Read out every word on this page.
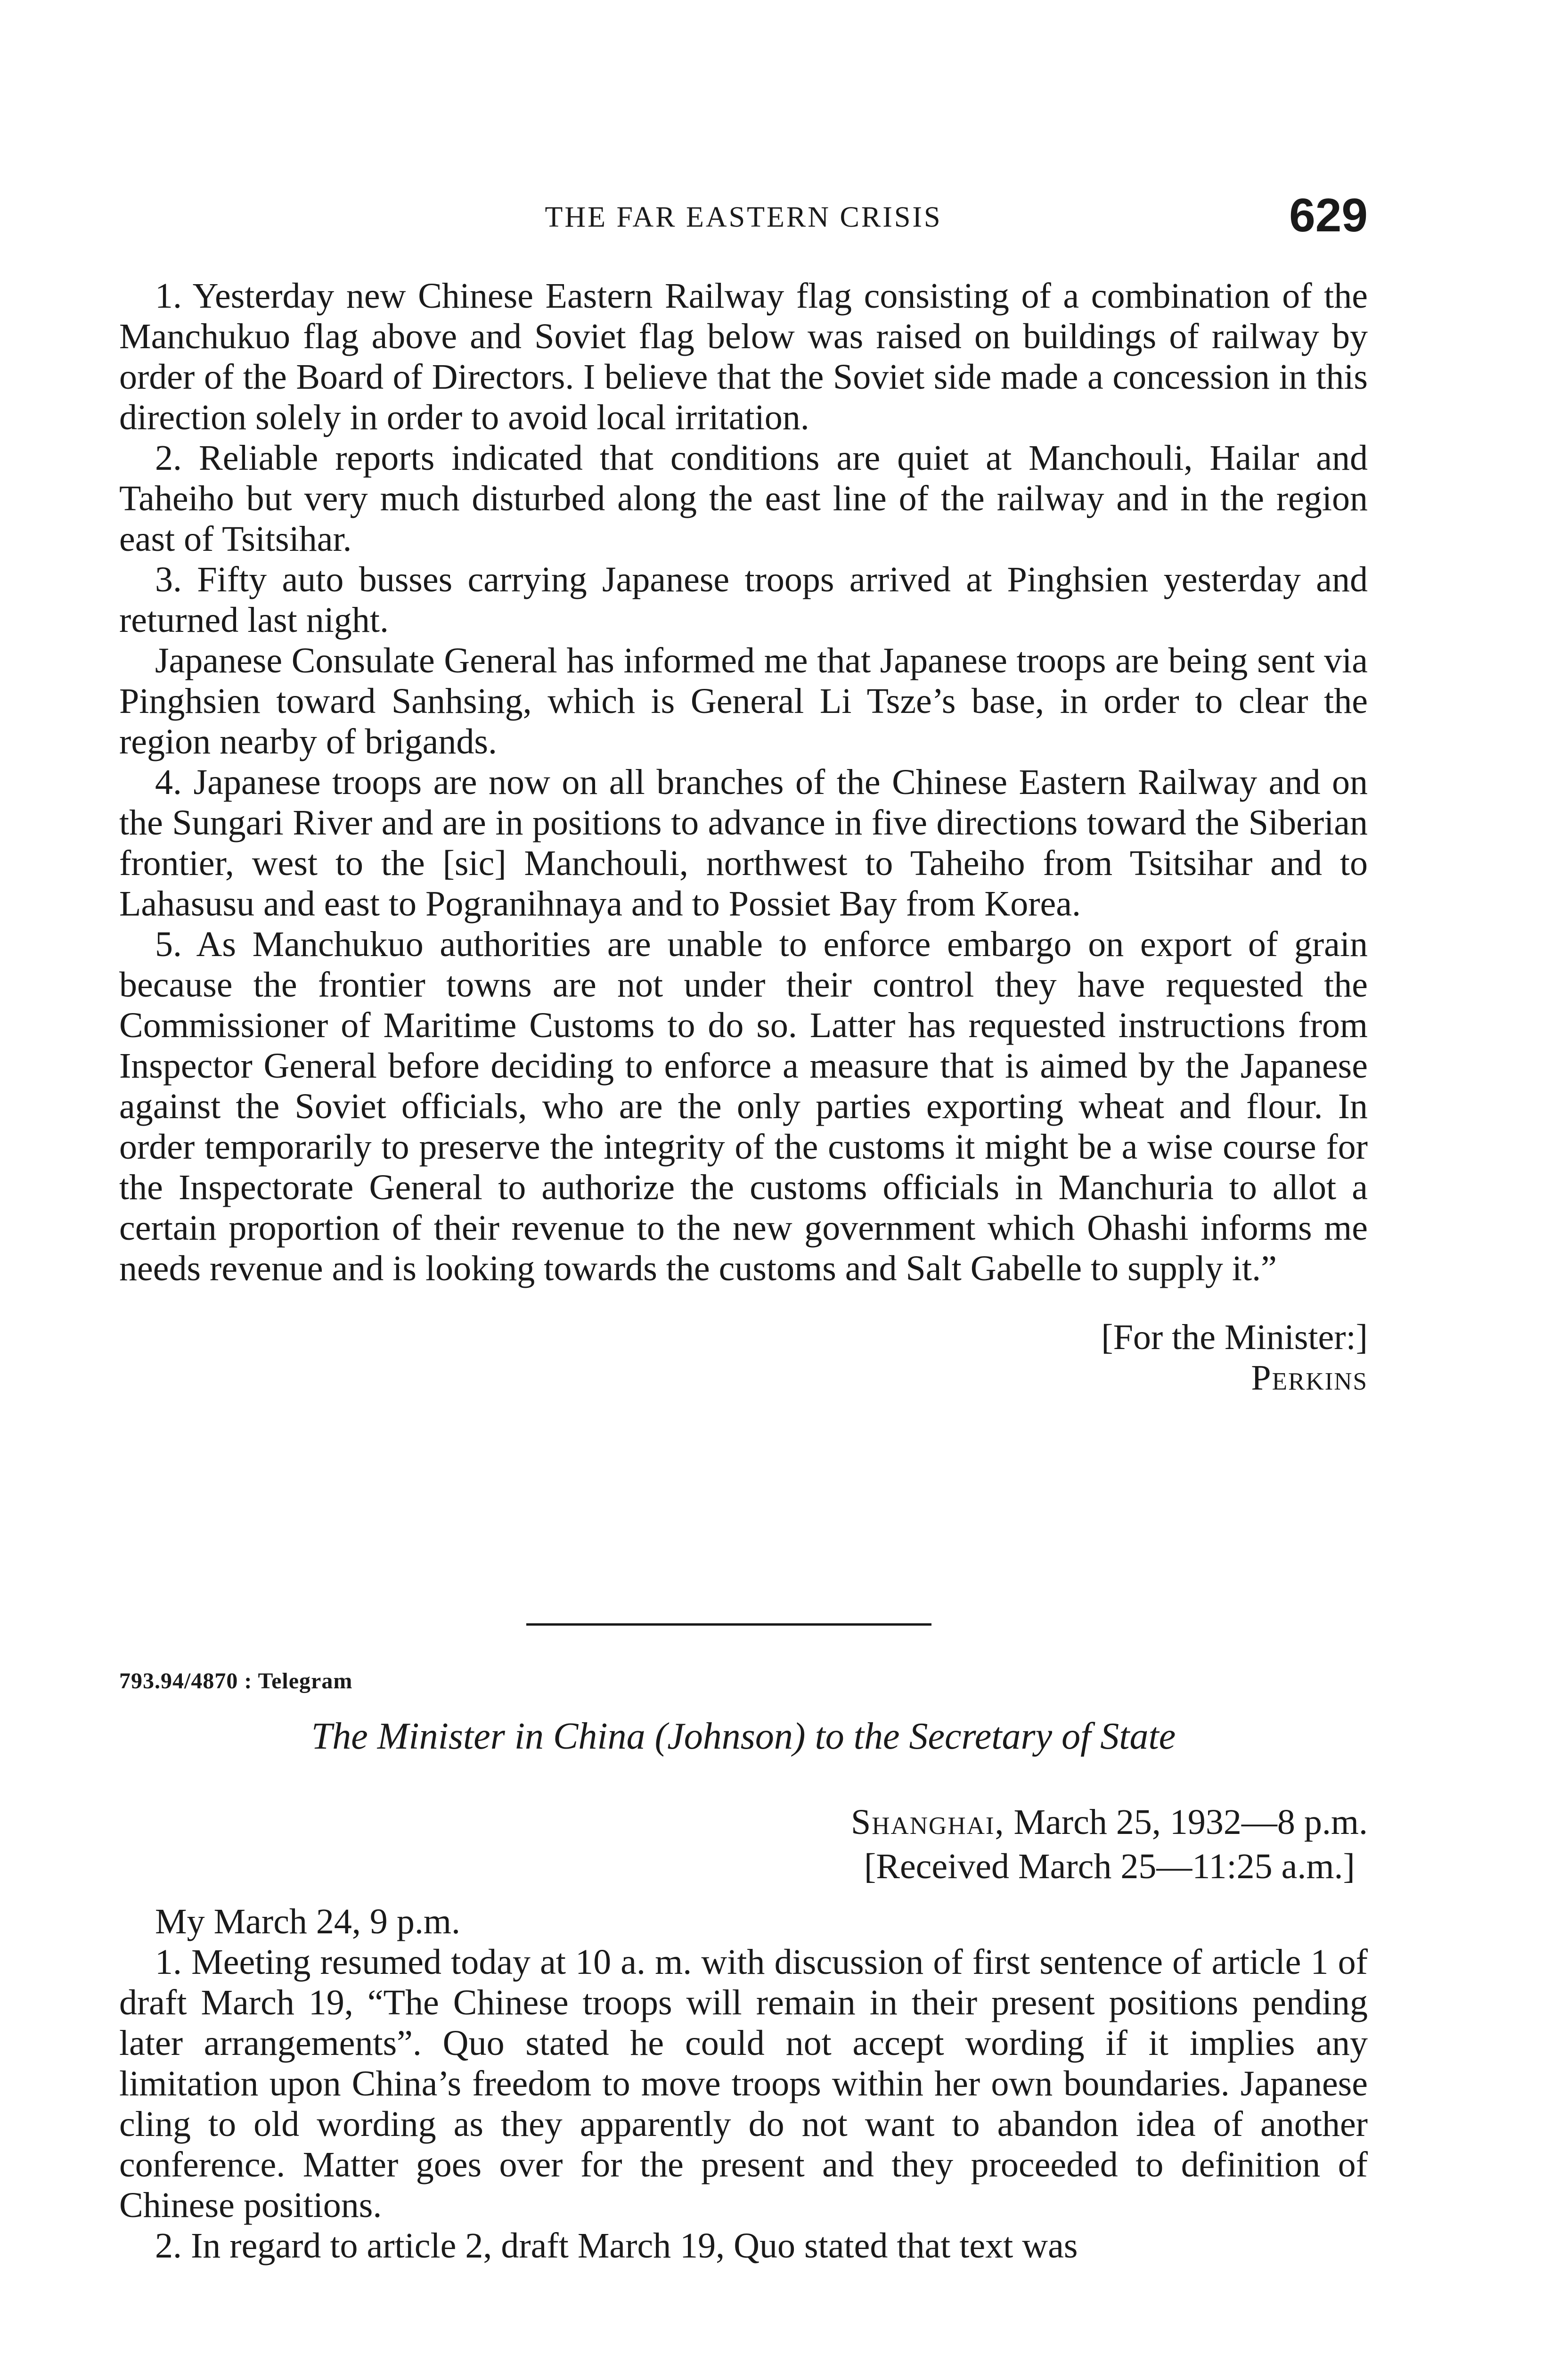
THE FAR EASTERN CRISIS	629

1. Yesterday new Chinese Eastern Railway flag consisting of a combination of the Manchukuo flag above and Soviet flag below was raised on buildings of railway by order of the Board of Directors. I believe that the Soviet side made a concession in this direction solely in order to avoid local irritation.

2. Reliable reports indicated that conditions are quiet at Manchouli, Hailar and Taheiho but very much disturbed along the east line of the railway and in the region east of Tsitsihar.

3. Fifty auto busses carrying Japanese troops arrived at Pinghsien yesterday and returned last night.

Japanese Consulate General has informed me that Japanese troops are being sent via Pinghsien toward Sanhsing, which is General Li Tsze’s base, in order to clear the region nearby of brigands.

4. Japanese troops are now on all branches of the Chinese Eastern Railway and on the Sungari River and are in positions to advance in five directions toward the Siberian frontier, west to the [sic] Manchouli, northwest to Taheiho from Tsitsihar and to Lahasusu and east to Pogranihnaya and to Possiet Bay from Korea.

5. As Manchukuo authorities are unable to enforce embargo on export of grain because the frontier towns are not under their control they have requested the Commissioner of Maritime Customs to do so. Latter has requested instructions from Inspector General before deciding to enforce a measure that is aimed by the Japanese against the Soviet officials, who are the only parties exporting wheat and flour. In order temporarily to preserve the integrity of the customs it might be a wise course for the Inspectorate General to authorize the customs officials in Manchuria to allot a certain proportion of their revenue to the new government which Ohashi informs me needs revenue and is looking towards the customs and Salt Gabelle to supply it.”

[For the Minister:]
Perkins
793.94/4870 : Telegram
The Minister in China (Johnson) to the Secretary of State
Shanghai, March 25, 1932—8 p.m.
[Received March 25—11:25 a.m.]

My March 24, 9 p.m.

1. Meeting resumed today at 10 a. m. with discussion of first sentence of article 1 of draft March 19, “The Chinese troops will remain in their present positions pending later arrangements”. Quo stated he could not accept wording if it implies any limitation upon China’s freedom to move troops within her own boundaries. Japanese cling to old wording as they apparently do not want to abandon idea of another conference. Matter goes over for the present and they proceeded to definition of Chinese positions.

2. In regard to article 2, draft March 19, Quo stated that text was
